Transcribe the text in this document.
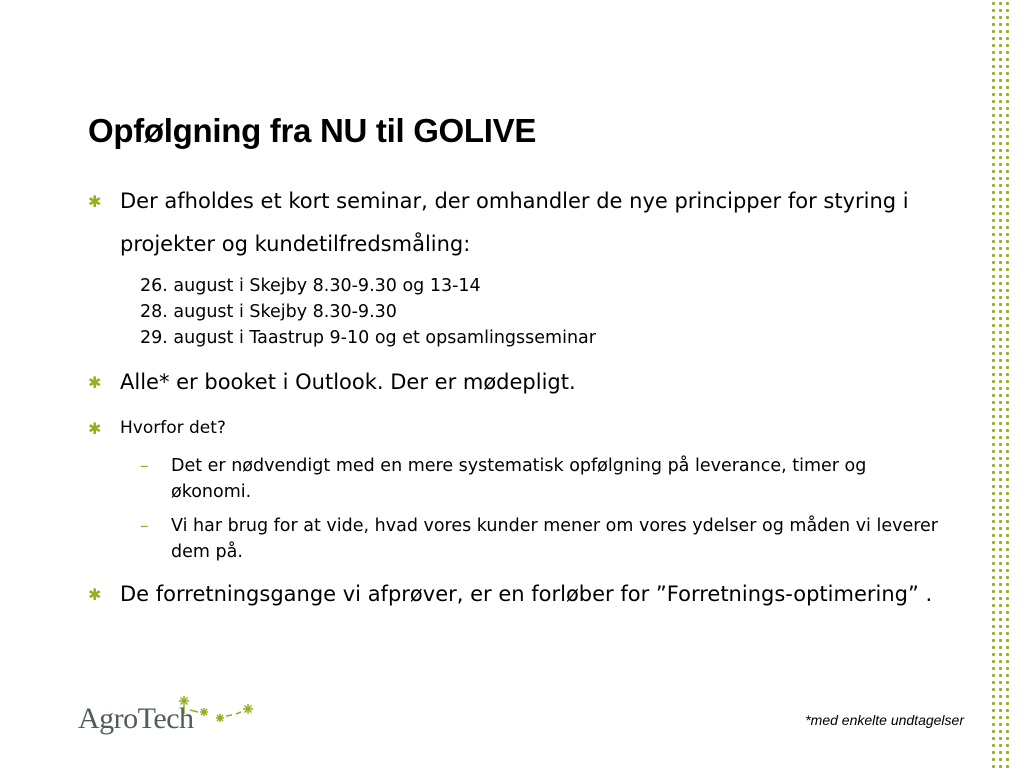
Opfølgning fra NU til GOLIVE
✱ Der afholdes et kort seminar, der omhandler de nye principper for styring i projekter og kundetilfredsmåling:
26. august i Skejby 8.30-9.30 og 13-14
28. august i Skejby 8.30-9.30
29. august i Taastrup 9-10 og et opsamlingsseminar
✱ Alle* er booket i Outlook. Der er mødepligt.
✱ Hvorfor det?
– Det er nødvendigt med en mere systematisk opfølgning på leverance, timer og økonomi.
– Vi har brug for at vide, hvad vores kunder mener om vores ydelser og måden vi leverer dem på.
✱ De forretningsgange vi afprøver, er en forløber for ”Forretnings-optimering” .
AgroTech	*med enkelte undtagelser
